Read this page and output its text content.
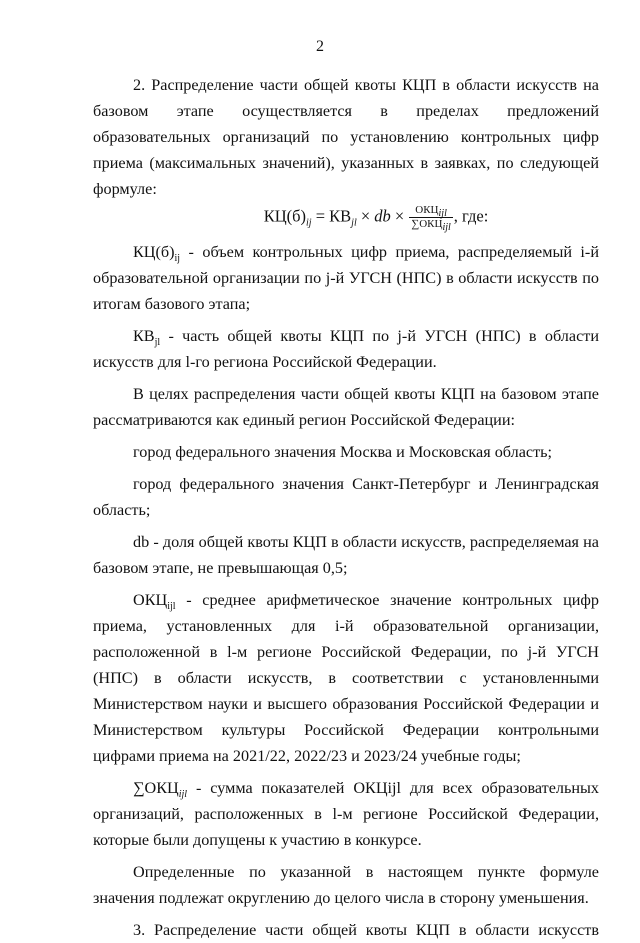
2

2. Распределение части общей квоты КЦП в области искусств на базовом этапе осуществляется в пределах предложений образовательных организаций по установлению контрольных цифр приема (максимальных значений), указанных в заявках, по следующей формуле:

$КЦ(б)_{ij} = КВ_{jl}$ × db × $\frac{ОКЦ_{ijl}}{\sum ОКЦ_{ijl}}$ , где:

$КЦ(б)_{ij}$ - объем контрольных цифр приема, распределяемый i-й образовательной организации по j-й УГСН (НПС) в области искусств по итогам базового этапа;

$КВ_{jl}$ - часть общей квоты КЦП по j-й УГСН (НПС) в области искусств для l-го региона Российской Федерации.

В целях распределения части общей квоты КЦП на базовом этапе рассматриваются как единый регион Российской Федерации:

город федерального значения Москва и Московская область;

город федерального значения Санкт-Петербург и Ленинградская область;

db - доля общей квоты КЦП в области искусств, распределяемая на базовом этапе, не превышающая 0,5;

$ОКЦ_{ijl}$ - среднее арифметическое значение контрольных цифр приема, установленных для i-й образовательной организации, расположенной в l-м регионе Российской Федерации, по j-й УГСН (НПС) в области искусств, в соответствии с установленными Министерством науки и высшего образования Российской Федерации и Министерством культуры Российской Федерации контрольными цифрами приема на 2021/22, 2022/23 и 2023/24 учебные годы;

$\sum ОКЦ_{ijl}$ - сумма показателей ОКЦijl для всех образовательных организаций, расположенных в l-м регионе Российской Федерации, которые были допущены к участию в конкурсе.

Определенные по указанной в настоящем пункте формуле значения подлежат округлению до целого числа в сторону уменьшения.

3. Распределение части общей квоты КЦП в области искусств
